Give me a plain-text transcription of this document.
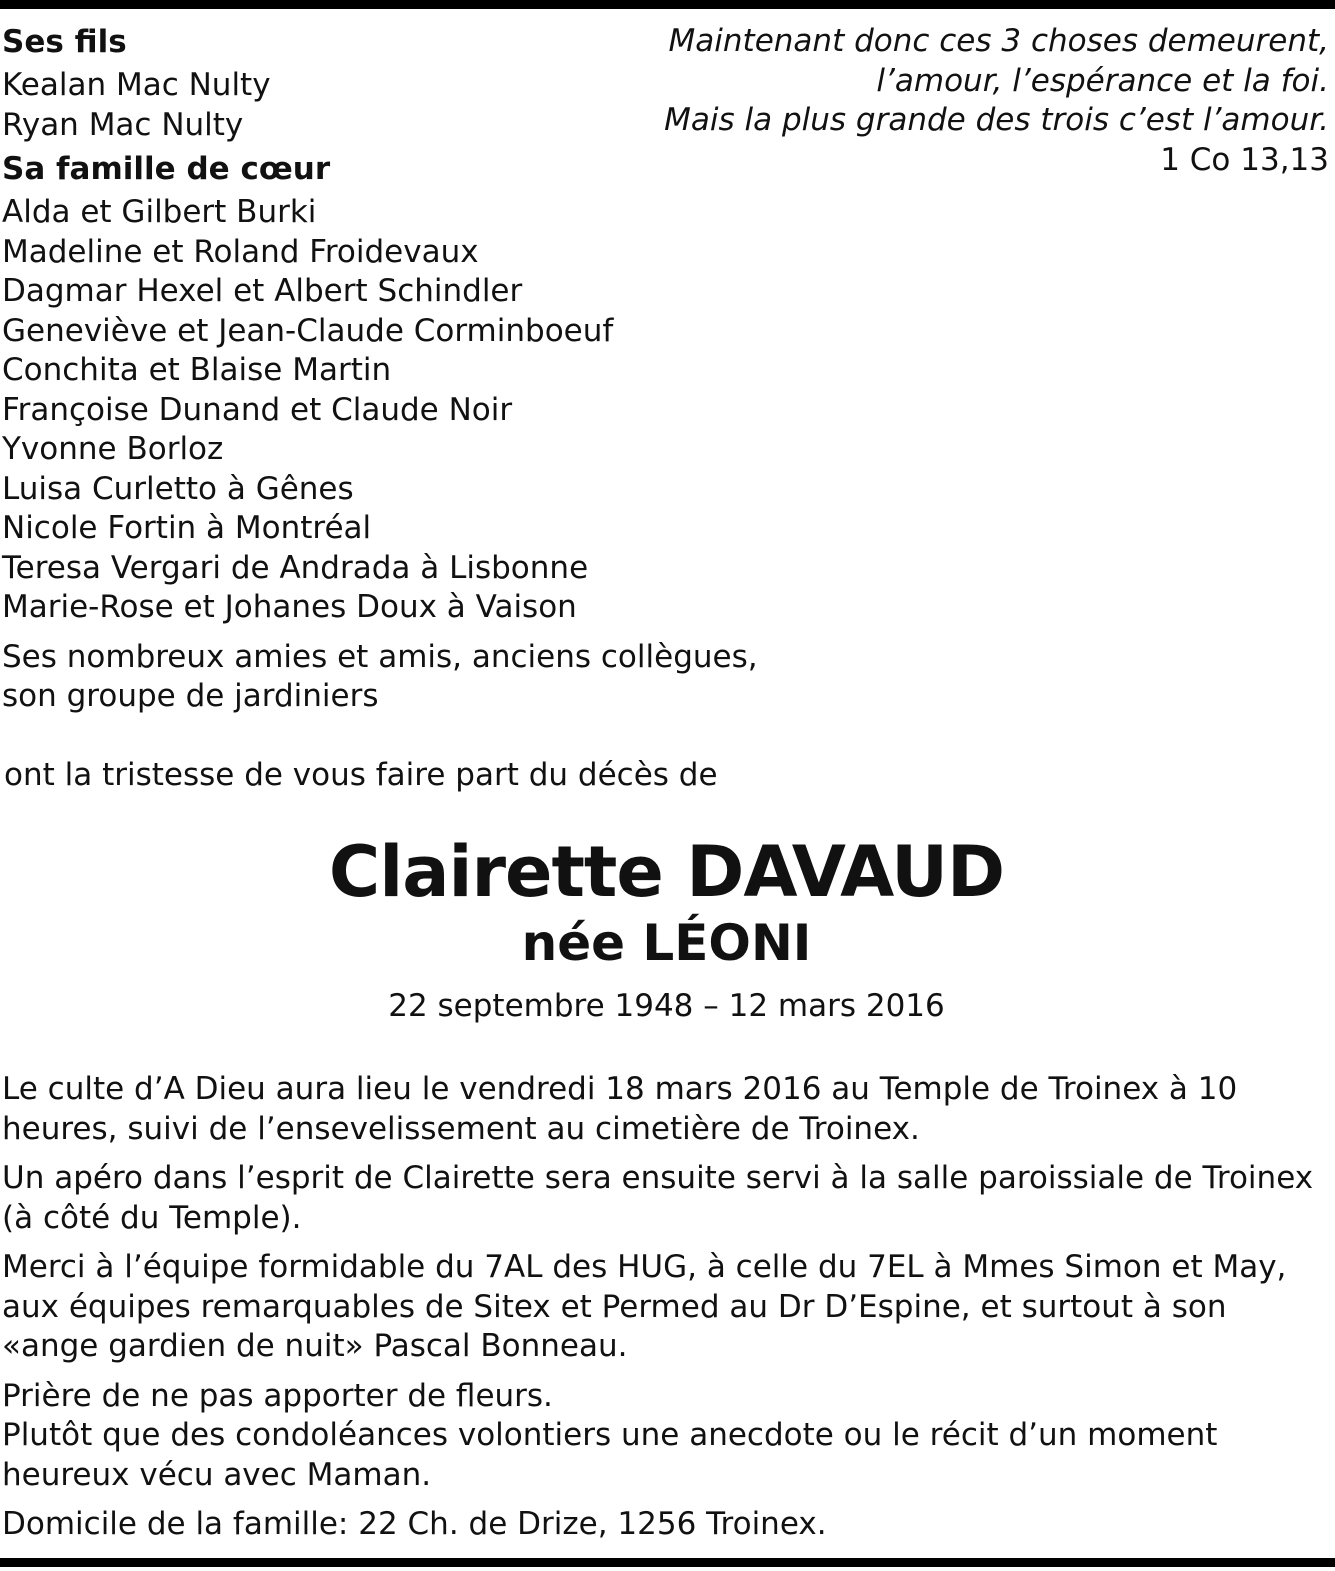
Ses fils
Kealan Mac Nulty
Ryan Mac Nulty
Sa famille de cœur
Alda et Gilbert Burki
Madeline et Roland Froidevaux
Dagmar Hexel et Albert Schindler
Geneviève et Jean-Claude Corminboeuf
Conchita et Blaise Martin
Françoise Dunand et Claude Noir
Yvonne Borloz
Luisa Curletto à Gênes
Nicole Fortin à Montréal
Teresa Vergari de Andrada à Lisbonne
Marie-Rose et Johanes Doux à Vaison
Ses nombreux amies et amis, anciens collègues,
son groupe de jardiniers
Maintenant donc ces 3 choses demeurent,
l’amour, l’espérance et la foi.
Mais la plus grande des trois c’est l’amour.
1 Co 13,13
ont la tristesse de vous faire part du décès de
Clairette DAVAUD
née LÉONI
22 septembre 1948 – 12 mars 2016
Le culte d’A Dieu aura lieu le vendredi 18 mars 2016 au Temple de Troinex à 10 heures, suivi de l’ensevelissement au cimetière de Troinex.
Un apéro dans l’esprit de Clairette sera ensuite servi à la salle paroissiale de Troinex (à côté du Temple).
Merci à l’équipe formidable du 7AL des HUG, à celle du 7EL à Mmes Simon et May, aux équipes remarquables de Sitex et Permed au Dr D’Espine, et surtout à son «ange gardien de nuit» Pascal Bonneau.
Prière de ne pas apporter de fleurs.
Plutôt que des condoléances volontiers une anecdote ou le récit d’un moment heureux vécu avec Maman.
Domicile de la famille: 22 Ch. de Drize, 1256 Troinex.
